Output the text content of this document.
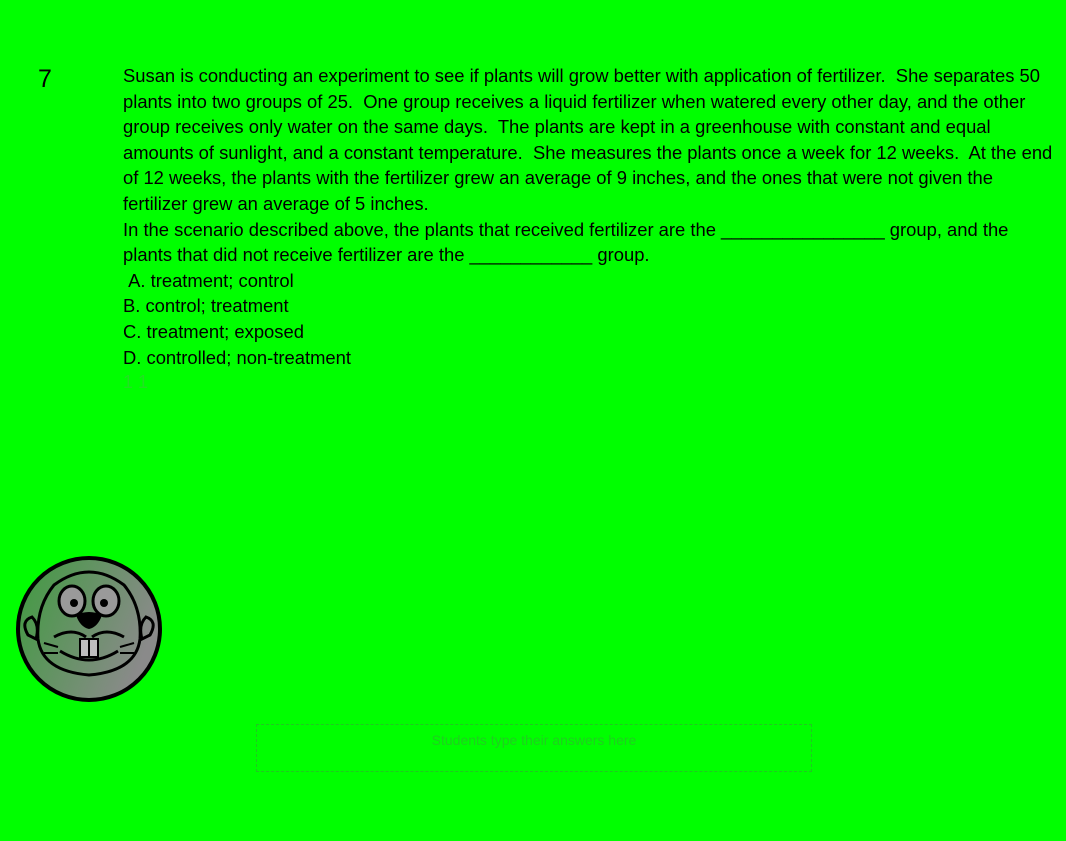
7	Susan is conducting an experiment to see if plants will grow better with application of fertilizer.  She separates 50 plants into two groups of 25.  One group receives a liquid fertilizer when watered every other day, and the other group receives only water on the same days.  The plants are kept in a greenhouse with constant and equal amounts of sunlight, and a constant temperature.  She measures the plants once a week for 12 weeks.  At the end of 12 weeks, the plants with the fertilizer grew an average of 9 inches, and the ones that were not given the fertilizer grew an average of 5 inches.

In the scenario described above, the plants that received fertilizer are the ________________ group, and the plants that did not receive fertilizer are the ____________ group.

A. treatment; control

B. control; treatment

C. treatment; exposed

D. controlled; non-treatment

1 1
Students type their answers here
